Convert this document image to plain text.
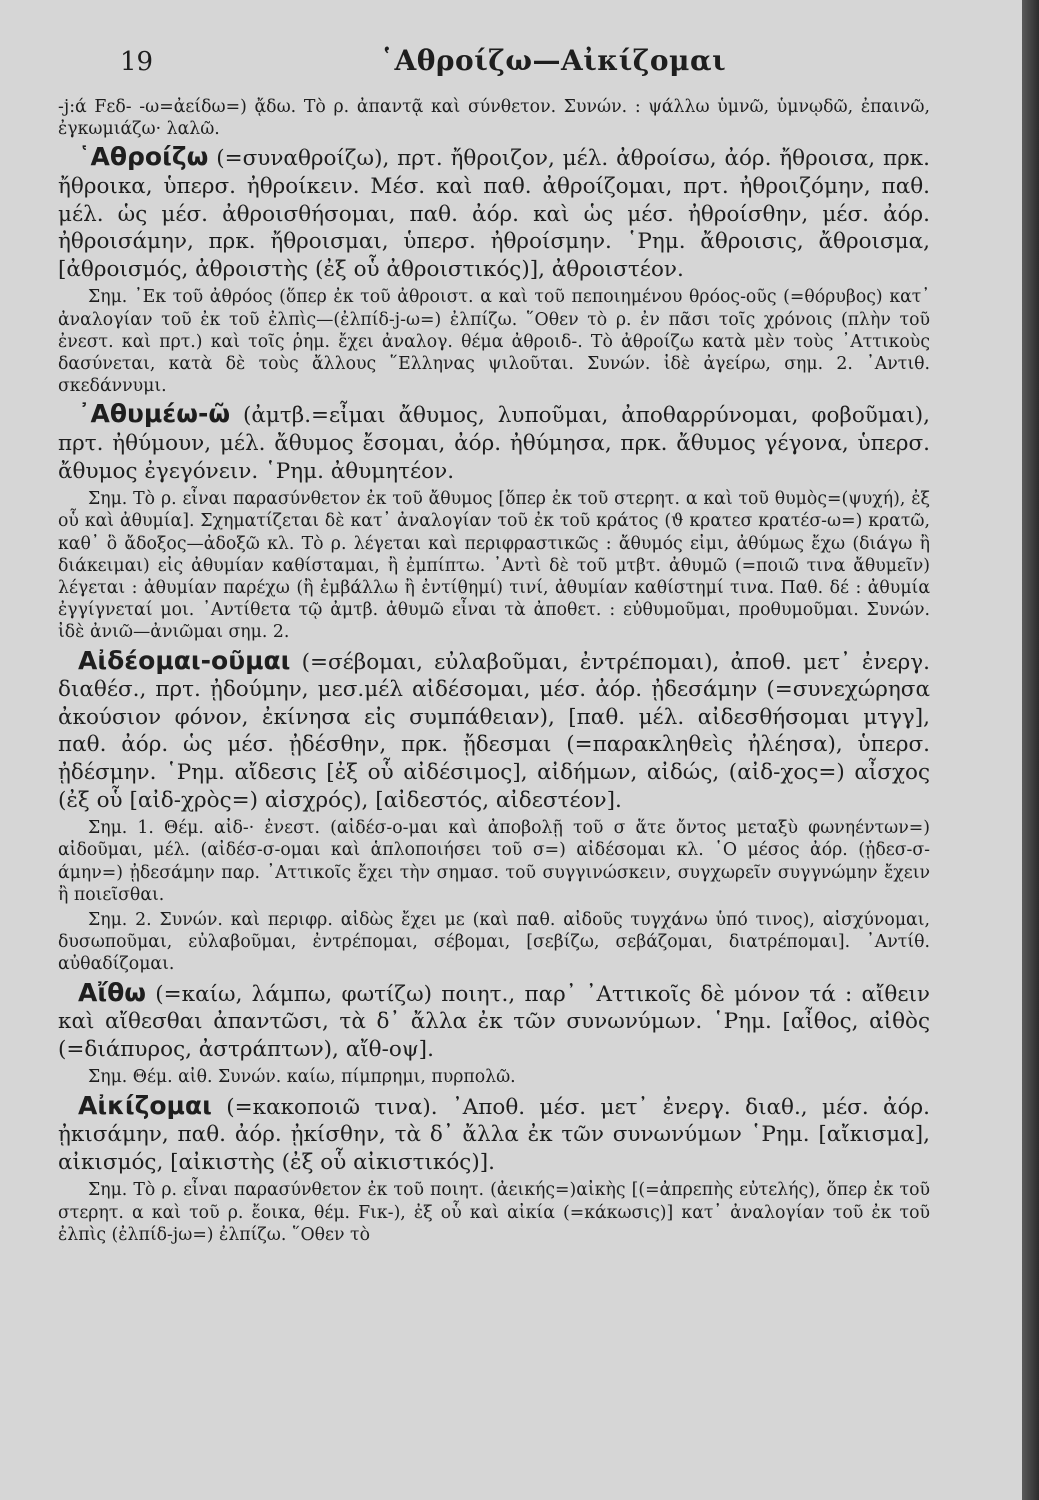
19	῾Αθροίζω—Αἰκίζομαι

-j:ά Fεδ- -ω=ἀείδω=) ᾄδω. Τὸ ρ. ἀπαντᾷ καὶ σύνθετον. Συνών. : ψάλλω ὑμνῶ, ὑμνῳδῶ, ἐπαινῶ, ἐγκωμιάζω· λαλῶ.

῾Αθροίζω (=συναθροίζω), πρτ. ἤθροιζον, μέλ. ἀθροίσω, ἀόρ. ἤθροισα, πρκ. ἤθροικα, ὑπερσ. ἠθροίκειν. Μέσ. καὶ παθ. ἀθροίζομαι, πρτ. ἠθροιζόμην, παθ. μέλ. ὡς μέσ. ἀθροισθήσομαι, παθ. ἀόρ. καὶ ὡς μέσ. ἠθροίσθην, μέσ. ἀόρ. ἠθροισάμην, πρκ. ἤθροισμαι, ὑπερσ. ἠθροίσμην. ῾Ρημ. ἄθροισις, ἄθροισμα, [ἀθροισμός, ἀθροιστὴς (ἐξ οὗ ἀθροιστικός)], ἀθροιστέον.

Σημ. ᾿Εκ τοῦ ἀθρόος (ὅπερ ἐκ τοῦ ἀθροιστ. α καὶ τοῦ πεποιημένου θρόος-οῦς (=θόρυβος) κατ᾿ ἀναλογίαν τοῦ ἐκ τοῦ ἐλπὶς—(ἐλπίδ-j-ω=) ἐλπίζω. ῞Οθεν τὸ ρ. ἐν πᾶσι τοῖς χρόνοις (πλὴν τοῦ ἐνεστ. καὶ πρτ.) καὶ τοῖς ῥημ. ἔχει ἀναλογ. θέμα ἀθροιδ-. Τὸ ἀθροίζω κατὰ μὲν τοὺς ᾿Αττικοὺς δασύνεται, κατὰ δὲ τοὺς ἄλλους ῞Ελληνας ψιλοῦται. Συνών. ἰδὲ ἀγείρω, σημ. 2. ᾿Αντιθ. σκεδάννυμι.

᾿Αθυμέω-ῶ (ἀμτβ.=εἶμαι ἄθυμος, λυποῦμαι, ἀποθαρρύνομαι, φοβοῦμαι), πρτ. ἠθύμουν, μέλ. ἄθυμος ἔσομαι, ἀόρ. ἠθύμησα, πρκ. ἄθυμος γέγονα, ὑπερσ. ἄθυμος ἐγεγόνειν. ῾Ρημ. ἀθυμητέον.

Σημ. Τὸ ρ. εἶναι παρασύνθετον ἐκ τοῦ ἄθυμος [ὅπερ ἐκ τοῦ στερητ. α καὶ τοῦ θυμὸς=(ψυχή), ἐξ οὗ καὶ ἀθυμία]. Σχηματίζεται δὲ κατ᾿ ἀναλογίαν τοῦ ἐκ τοῦ κράτος (ϑ κρατεσ κρατέσ-ω=) κρατῶ, καθ᾿ ὃ ἄδοξος—ἀδοξῶ κλ. Τὸ ρ. λέγεται καὶ περιφραστικῶς : ἄθυμός εἰμι, ἀθύμως ἔχω (διάγω ἢ διάκειμαι) εἰς ἀθυμίαν καθίσταμαι, ἢ ἐμπίπτω. ᾿Αντὶ δὲ τοῦ μτβτ. ἀθυμῶ (=ποιῶ τινα ἄθυμεῖν) λέγεται : ἀθυμίαν παρέχω (ἢ ἐμβάλλω ἢ ἐντίθημί) τινί, ἀθυμίαν καθίστημί τινα. Παθ. δέ : ἀθυμία ἐγγίγνεταί μοι. ᾿Αντίθετα τῷ ἀμτβ. ἀθυμῶ εἶναι τὰ ἀποθετ. : εὐθυμοῦμαι, προθυμοῦμαι. Συνών. ἰδὲ ἀνιῶ—ἀνιῶμαι σημ. 2.

Αἰδέομαι-οῦμαι (=σέβομαι, εὐλαβοῦμαι, ἐντρέπομαι), ἀποθ. μετ᾿ ἐνεργ. διαθέσ., πρτ. ᾐδούμην, μεσ.μέλ αἰδέσομαι, μέσ. ἀόρ. ᾐδεσάμην (=συνεχώρησα ἀκούσιον φόνον, ἐκίνησα εἰς συμπάθειαν), [παθ. μέλ. αἰδεσθήσομαι μτγγ], παθ. ἀόρ. ὡς μέσ. ᾐδέσθην, πρκ. ᾔδεσμαι (=παρακληθεὶς ἠλέησα), ὑπερσ. ᾐδέσμην. ῾Ρημ. αἴδεσις [ἐξ οὗ αἰδέσιμος], αἰδήμων, αἰδώς, (αἰδ-χος=) αἶσχος (ἐξ οὗ [αἰδ-χρὸς=) αἰσχρός), [αἰδεστός, αἰδεστέον].

Σημ. 1. Θέμ. αἰδ-· ἐνεστ. (αἰδέσ-ο-μαι καὶ ἀποβολῇ τοῦ σ ἅτε ὄντος μεταξὺ φωνηέντων=) αἰδοῦμαι, μέλ. (αἰδέσ-σ-ομαι καὶ ἁπλοποιήσει τοῦ σ=) αἰδέσομαι κλ. ῾Ο μέσος ἀόρ. (ᾐδεσ-σ-άμην=) ᾐδεσάμην παρ. ᾿Αττικοῖς ἔχει τὴν σημασ. τοῦ συγγινώσκειν, συγχωρεῖν συγγνώμην ἔχειν ἢ ποιεῖσθαι.

Σημ. 2. Συνών. καὶ περιφρ. αἰδὼς ἔχει με (καὶ παθ. αἰδοῦς τυγχάνω ὑπό τινος), αἰσχύνομαι, δυσωποῦμαι, εὐλαβοῦμαι, ἐντρέπομαι, σέβομαι, [σεβίζω, σεβάζομαι, διατρέπομαι]. ᾿Αντίθ. αὐθαδίζομαι.

Αἴθω (=καίω, λάμπω, φωτίζω) ποιητ., παρ᾿ ᾿Αττικοῖς δὲ μόνον τά : αἴθειν καὶ αἴθεσθαι ἀπαντῶσι, τὰ δ᾿ ἄλλα ἐκ τῶν συνωνύμων. ῾Ρημ. [αἶθος, αἰθὸς (=διάπυρος, ἀστράπτων), αἴθ-οψ].

Σημ. Θέμ. αἰθ. Συνών. καίω, πίμπρημι, πυρπολῶ.

Αἰκίζομαι (=κακοποιῶ τινα). ᾿Αποθ. μέσ. μετ᾿ ἐνεργ. διαθ., μέσ. ἀόρ. ᾐκισάμην, παθ. ἀόρ. ᾐκίσθην, τὰ δ᾿ ἄλλα ἐκ τῶν συνωνύμων ῾Ρημ. [αἴκισμα], αἰκισμός, [αἰκιστὴς (ἐξ οὗ αἰκιστικός)].

Σημ. Τὸ ρ. εἶναι παρασύνθετον ἐκ τοῦ ποιητ. (ἀεικής=)αἰκὴς [(=ἀπρεπὴς εὐτελής), ὅπερ ἐκ τοῦ στερητ. α καὶ τοῦ ρ. ἔοικα, θέμ. Fικ-), ἐξ οὗ καὶ αἰκία (=κάκωσις)] κατ᾿ ἀναλογίαν τοῦ ἐκ τοῦ ἐλπὶς (ἐλπίδ-jω=) ἐλπίζω. ῞Οθεν τὸ
